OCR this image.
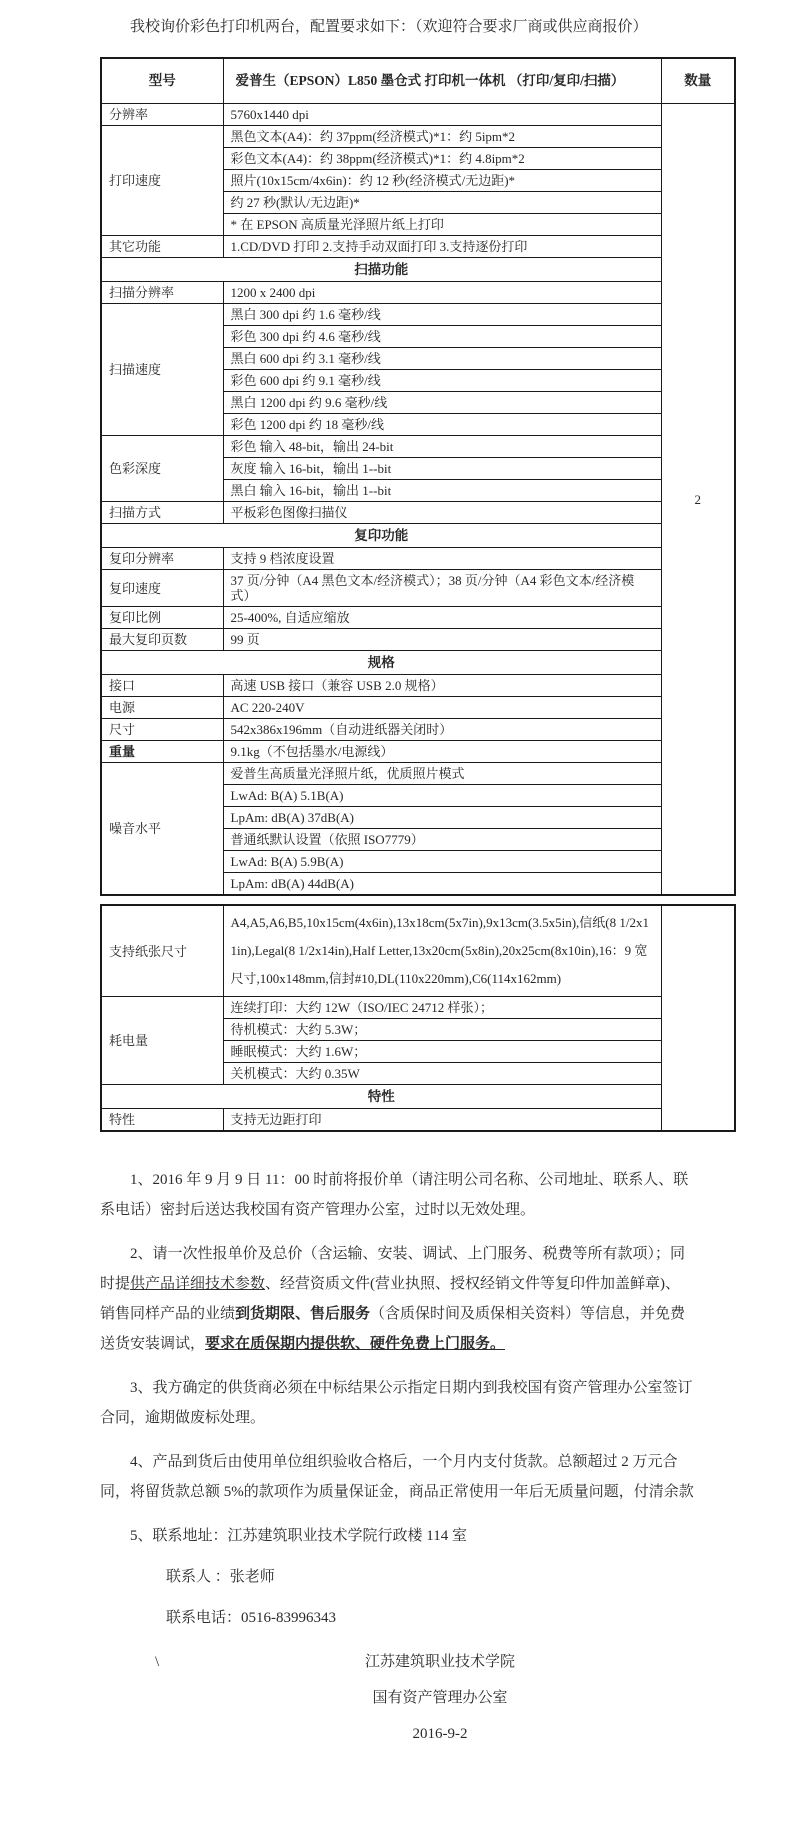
我校询价彩色打印机两台，配置要求如下：（欢迎符合要求厂商或供应商报价）

型号	爱普生（EPSON）L850 墨仓式 打印机一体机 （打印/复印/扫描）	数量
分辨率	5760x1440 dpi	2
打印速度	黑色文本(A4)：约 37ppm(经济模式)*1：约 5ipm*2	
	彩色文本(A4)：约 38ppm(经济模式)*1：约 4.8ipm*2	
	照片(10x15cm/4x6in)：约 12 秒(经济模式/无边距)*	
	约 27 秒(默认/无边距)*	
	* 在 EPSON 高质量光泽照片纸上打印	
其它功能	1.CD/DVD 打印 2.支持手动双面打印 3.支持逐份打印	
扫描功能		
扫描分辨率	1200 x 2400 dpi	
扫描速度	黑白 300 dpi 约 1.6 毫秒/线	
	彩色 300 dpi 约 4.6 毫秒/线	
	黑白 600 dpi 约 3.1 毫秒/线	
	彩色 600 dpi 约 9.1 毫秒/线	
	黑白 1200 dpi 约 9.6 毫秒/线	
	彩色 1200 dpi 约 18 毫秒/线	
色彩深度	彩色 输入 48-bit，输出 24-bit	
	灰度 输入 16-bit，输出 1--bit	
	黑白 输入 16-bit，输出 1--bit	
扫描方式	平板彩色图像扫描仪	
复印功能		
复印分辨率	支持 9 档浓度设置	
复印速度	37 页/分钟（A4 黑色文本/经济模式）；38 页/分钟（A4 彩色文本/经济模式）	
复印比例	25-400%, 自适应缩放	
最大复印页数	99 页	
规格		
接口	高速 USB 接口（兼容 USB 2.0 规格）	
电源	AC 220-240V	
尺寸	542x386x196mm（自动进纸器关闭时）	
重量	9.1kg（不包括墨水/电源线）	
噪音水平	爱普生高质量光泽照片纸，优质照片模式	
	LwAd: B(A) 5.1B(A)	
	LpAm: dB(A) 37dB(A)	
	普通纸默认设置（依照 ISO7779）	
	LwAd: B(A) 5.9B(A)	
	LpAm: dB(A) 44dB(A)	
支持纸张尺寸	A4,A5,A6,B5,10x15cm(4x6in),13x18cm(5x7in),9x13cm(3.5x5in),信纸(8 1/2x11in),Legal(8 1/2x14in),Half Letter,13x20cm(5x8in),20x25cm(8x10in),16：9 宽尺寸,100x148mm,信封#10,DL(110x220mm),C6(114x162mm)	
耗电量	连续打印：大约 12W（ISO/IEC 24712 样张）；	
	待机模式：大约 5.3W；	
	睡眠模式：大约 1.6W；	
	关机模式：大约 0.35W	
特性		
特性	支持无边距打印	

1、2016 年 9 月 9 日 11：00 时前将报价单（请注明公司名称、公司地址、联系人、联系电话）密封后送达我校国有资产管理办公室，过时以无效处理。

2、请一次性报单价及总价（含运输、安装、调试、上门服务、税费等所有款项）；同时提供产品详细技术参数、经营资质文件(营业执照、授权经销文件等复印件加盖鲜章)、销售同样产品的业绩到货期限、售后服务（含质保时间及质保相关资料）等信息，并免费送货安装调试，要求在质保期内提供软、硬件免费上门服务。

3、我方确定的供货商必须在中标结果公示指定日期内到我校国有资产管理办公室签订合同，逾期做废标处理。

4、产品到货后由使用单位组织验收合格后，一个月内支付货款。总额超过 2 万元合同，将留货款总额 5%的款项作为质量保证金，商品正常使用一年后无质量问题，付清余款

5、联系地址：江苏建筑职业技术学院行政楼 114 室

联系人 ：张老师

联系电话：0516-83996343

\	江苏建筑职业技术学院
国有资产管理办公室
2016-9-2
